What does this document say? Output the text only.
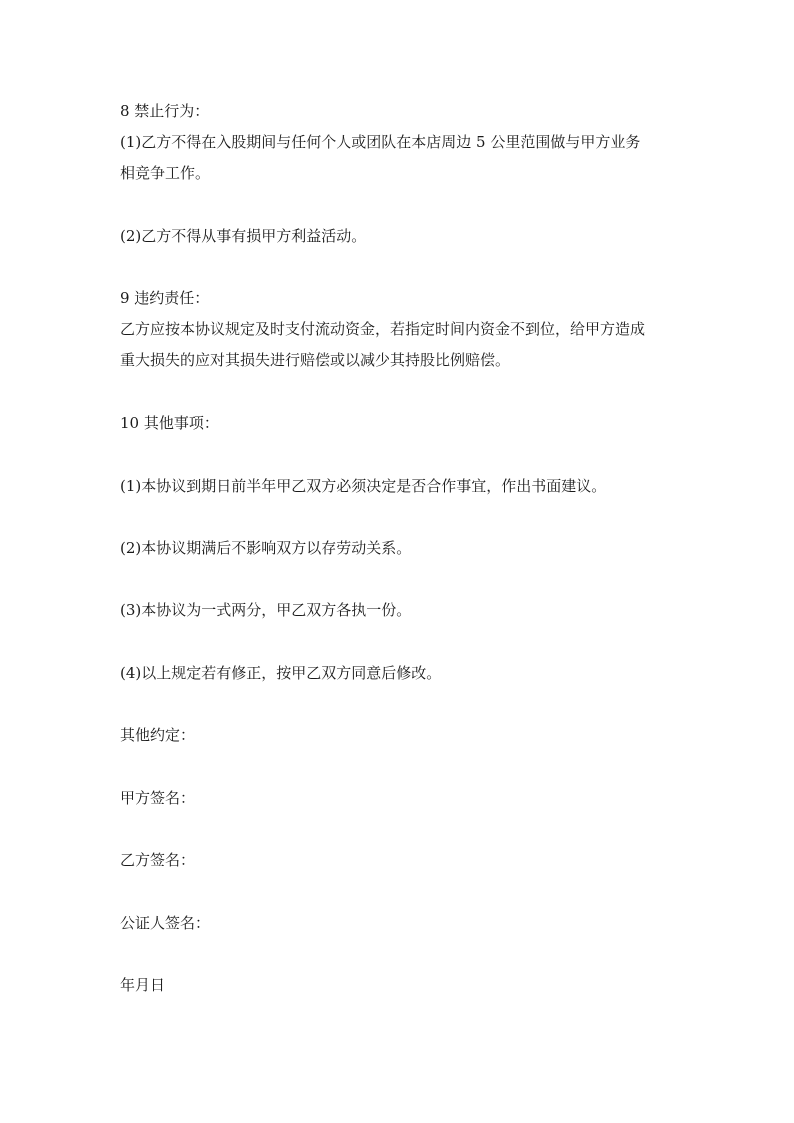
8 禁止行为：
(1)乙方不得在入股期间与任何个人或团队在本店周边 5 公里范围做与甲方业务
相竞争工作。
(2)乙方不得从事有损甲方利益活动。
9 违约责任：
乙方应按本协议规定及时支付流动资金，若指定时间内资金不到位，给甲方造成
重大损失的应对其损失进行赔偿或以减少其持股比例赔偿。
10 其他事项：
(1)本协议到期日前半年甲乙双方必须决定是否合作事宜，作出书面建议。
(2)本协议期满后不影响双方以存劳动关系。
(3)本协议为一式两分，甲乙双方各执一份。
(4)以上规定若有修正，按甲乙双方同意后修改。
其他约定：
甲方签名：
乙方签名：
公证人签名：
年月日
